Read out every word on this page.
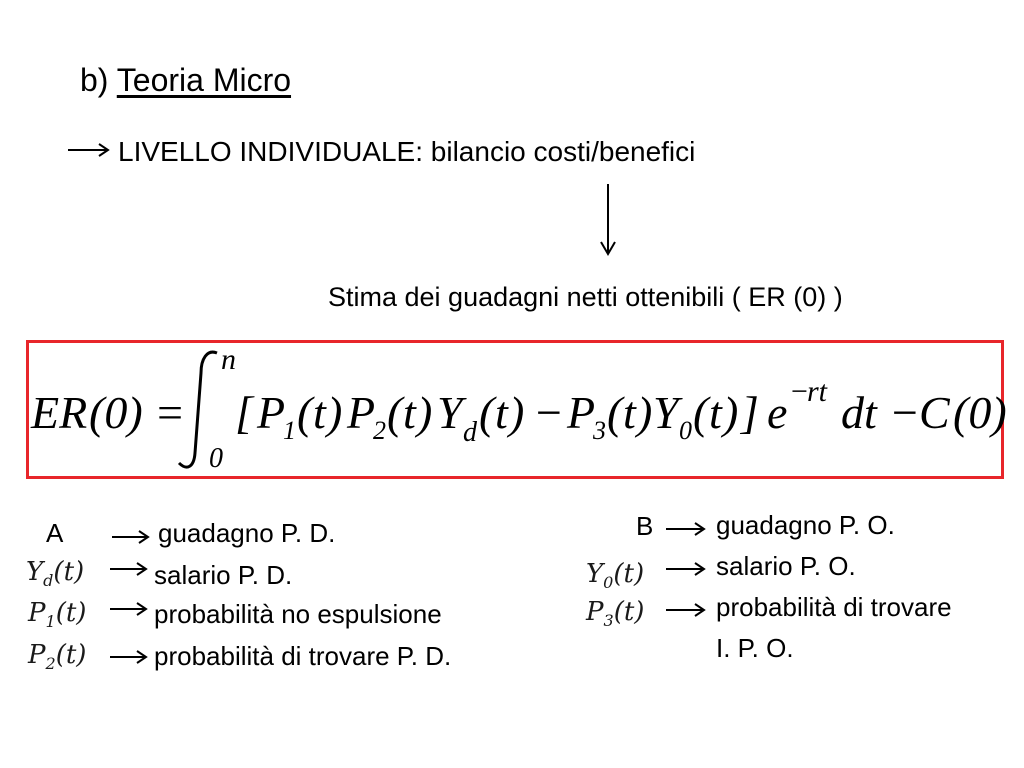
b) Teoria Micro
LIVELLO INDIVIDUALE: bilancio costi/benefici
Stima dei guadagni netti ottenibili ( ER (0) )
ER (0) =
n
0
[ P
1 ( t ) P
2 ( t ) Y d ( t ) − P
3 ( t ) Y 0 ( t ) ] e −
rt dt −
C (0)
A	guadagno P. D.
$Y_d(t)$	salario P. D.
$P_1(t)$	probabilità no espulsione
$P_2(t)$	probabilità di trovare P. D.
B guadagno P. O.
$Y_0(t)$	salario P. O.
$P_3(t)$	probabilità di trovare
I. P. O.
